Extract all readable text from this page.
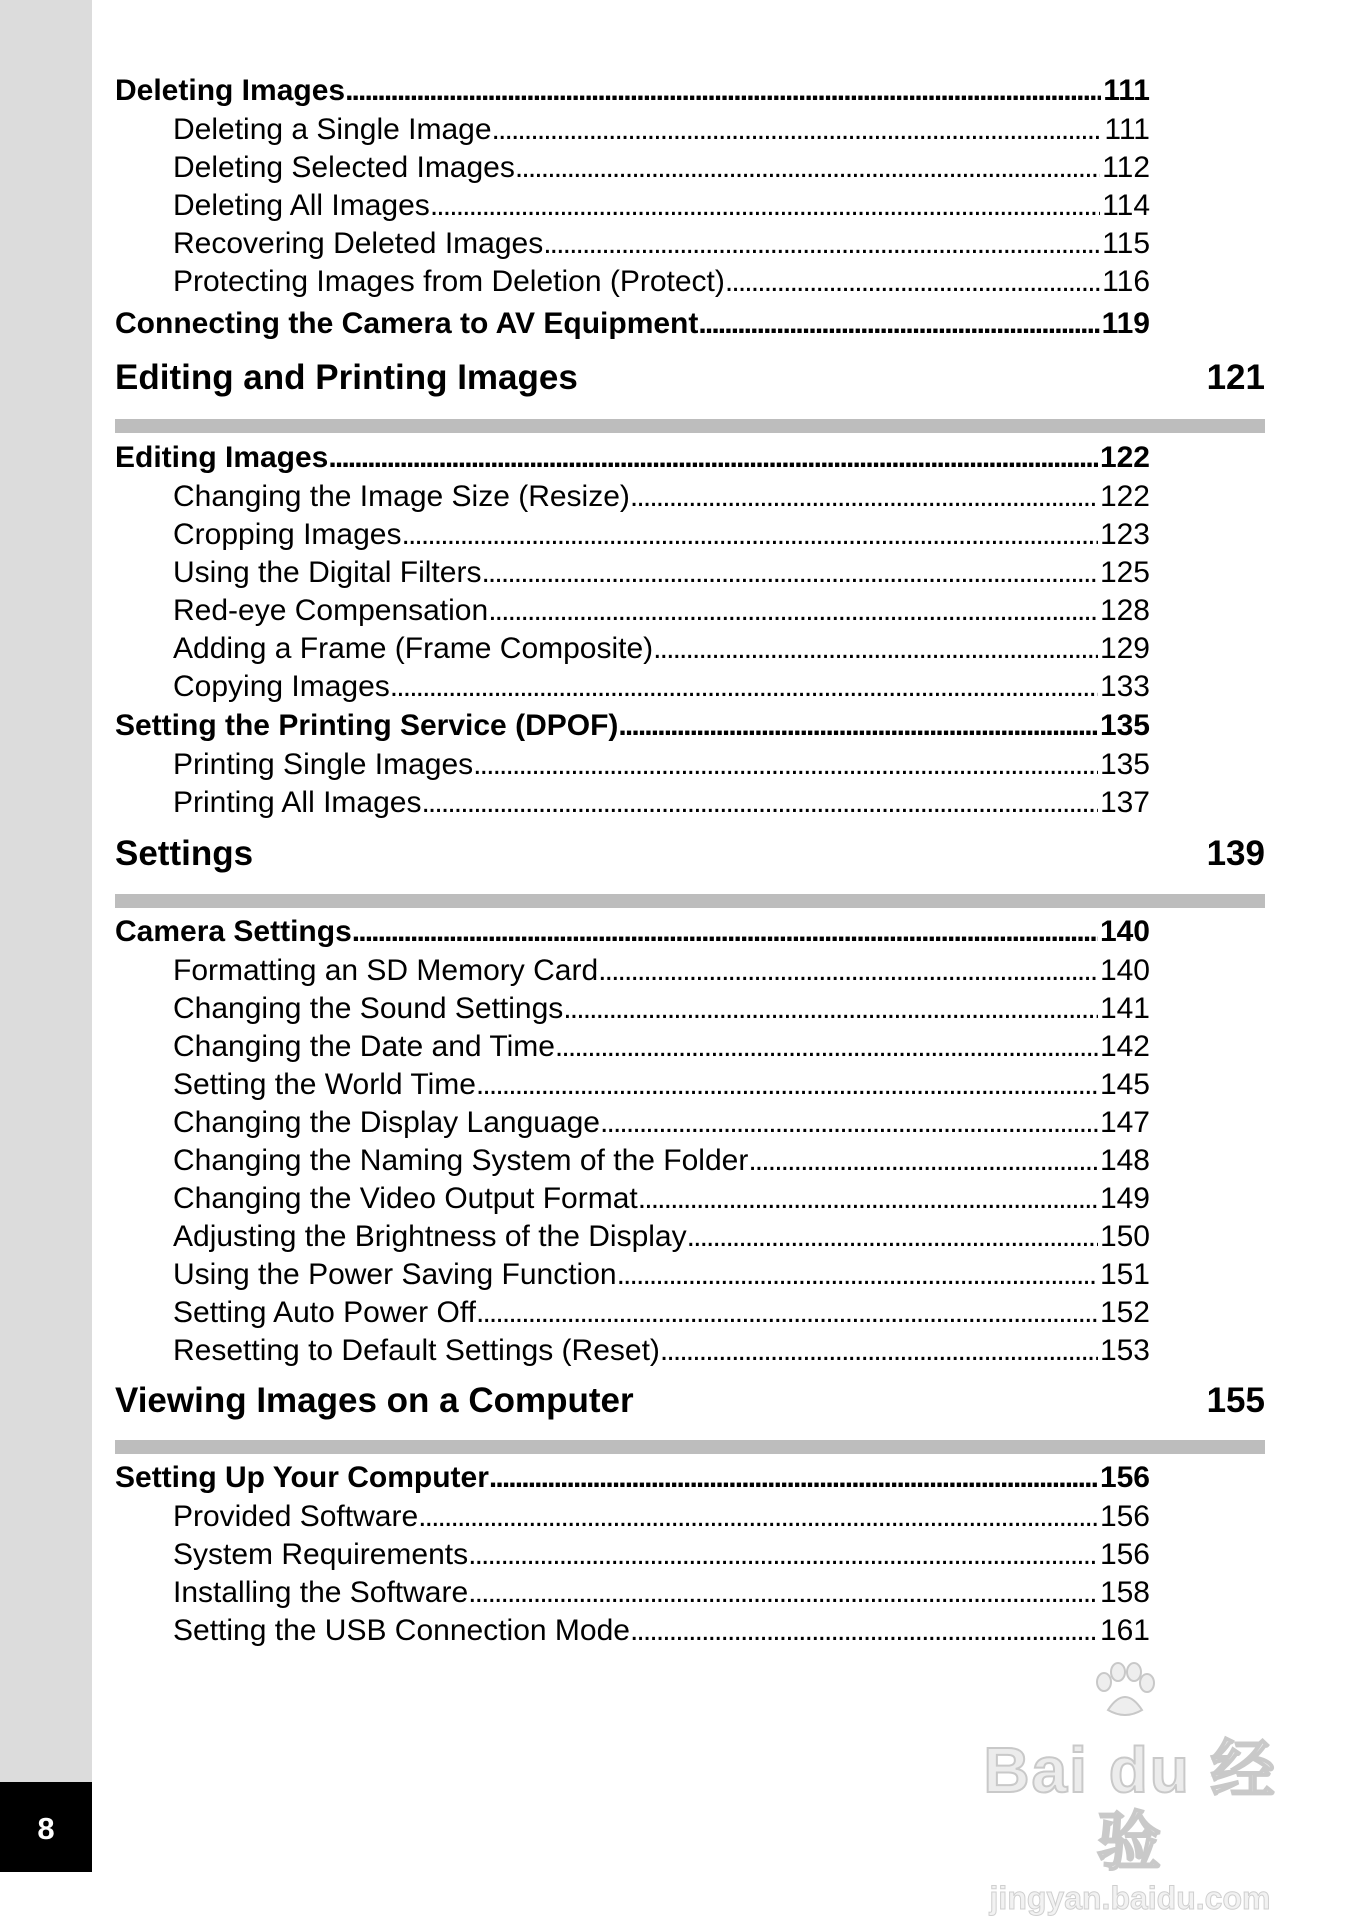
8
Deleting Images . . .	111
Deleting a Single Image . . .	111
Deleting Selected Images . . .	112
Deleting All Images . . .	114
Recovering Deleted Images . . .	115
Protecting Images from Deletion (Protect) . . .	116
Connecting the Camera to AV Equipment . . .	119
Editing and Printing Images	121
Editing Images . . .	122
Changing the Image Size (Resize) . . .	122
Cropping Images . . .	123
Using the Digital Filters . . .	125
Red-eye Compensation . . .	128
Adding a Frame (Frame Composite) . . .	129
Copying Images . . .	133
Setting the Printing Service (DPOF) . . .	135
Printing Single Images . . .	135
Printing All Images . . .	137
Settings	139
Camera Settings . . .	140
Formatting an SD Memory Card . . .	140
Changing the Sound Settings . . .	141
Changing the Date and Time . . .	142
Setting the World Time . . .	145
Changing the Display Language . . .	147
Changing the Naming System of the Folder . . .	148
Changing the Video Output Format . . .	149
Adjusting the Brightness of the Display . . .	150
Using the Power Saving Function . . .	151
Setting Auto Power Off . . .	152
Resetting to Default Settings (Reset) . . .	153
Viewing Images on a Computer	155
Setting Up Your Computer . . .	156
Provided Software . . .	156
System Requirements . . .	156
Installing the Software . . .	158
Setting the USB Connection Mode . . .	161
Bai du 经验
jingyan.baidu.com
